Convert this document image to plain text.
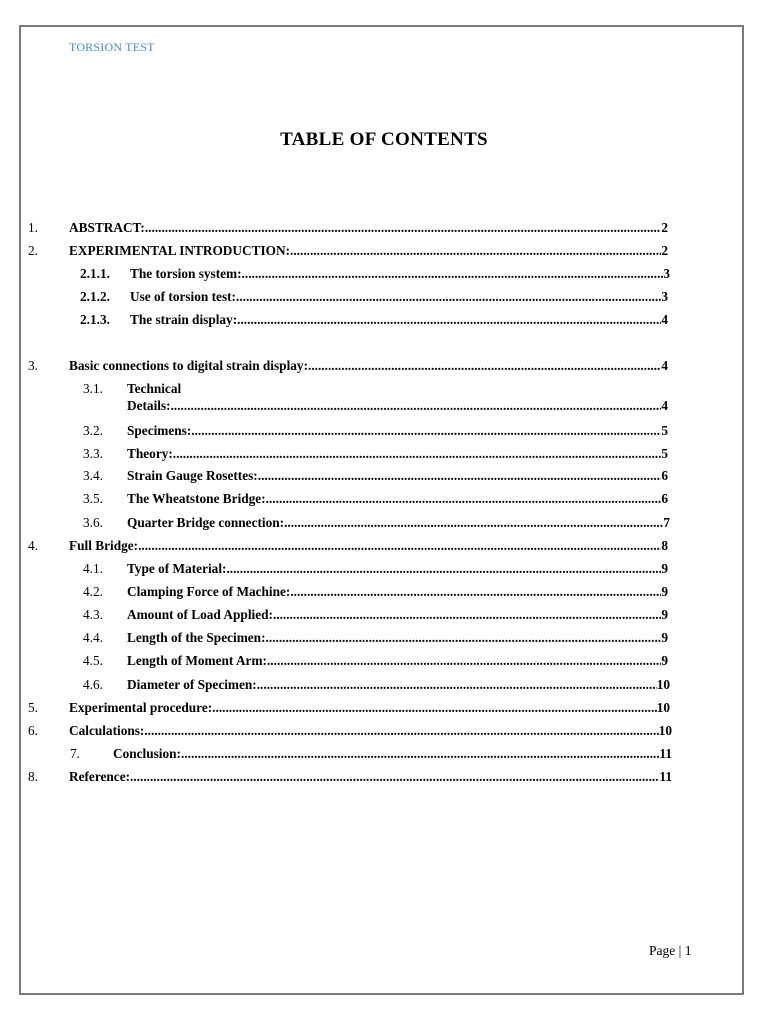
TORSION TEST
TABLE OF CONTENTS
1. ABSTRACT: .....	2
2. EXPERIMENTAL INTRODUCTION: .....	2
2.1.1. The torsion system: .....	3
2.1.2. Use of torsion test: .....	3
2.1.3. The strain display: .....	4
3. Basic connections to digital strain display: .....	4
3.1. Technical
Details: .....	4
3.2. Specimens: .....	5
3.3. Theory: .....	5
3.4. Strain Gauge Rosettes: .....	6
3.5. The Wheatstone Bridge: .....	6
3.6. Quarter Bridge connection: .....	7
4. Full Bridge: .....	8
4.1. Type of Material: .....	9
4.2. Clamping Force of Machine: .....	9
4.3. Amount of Load Applied: .....	9
4.4. Length of the Specimen: .....	9
4.5. Length of Moment Arm: .....	9
4.6. Diameter of Specimen: .....	10
5. Experimental procedure: .....	10
6. Calculations: .....	10
7. Conclusion: .....	11
8. Reference: .....	11
Page | 1
